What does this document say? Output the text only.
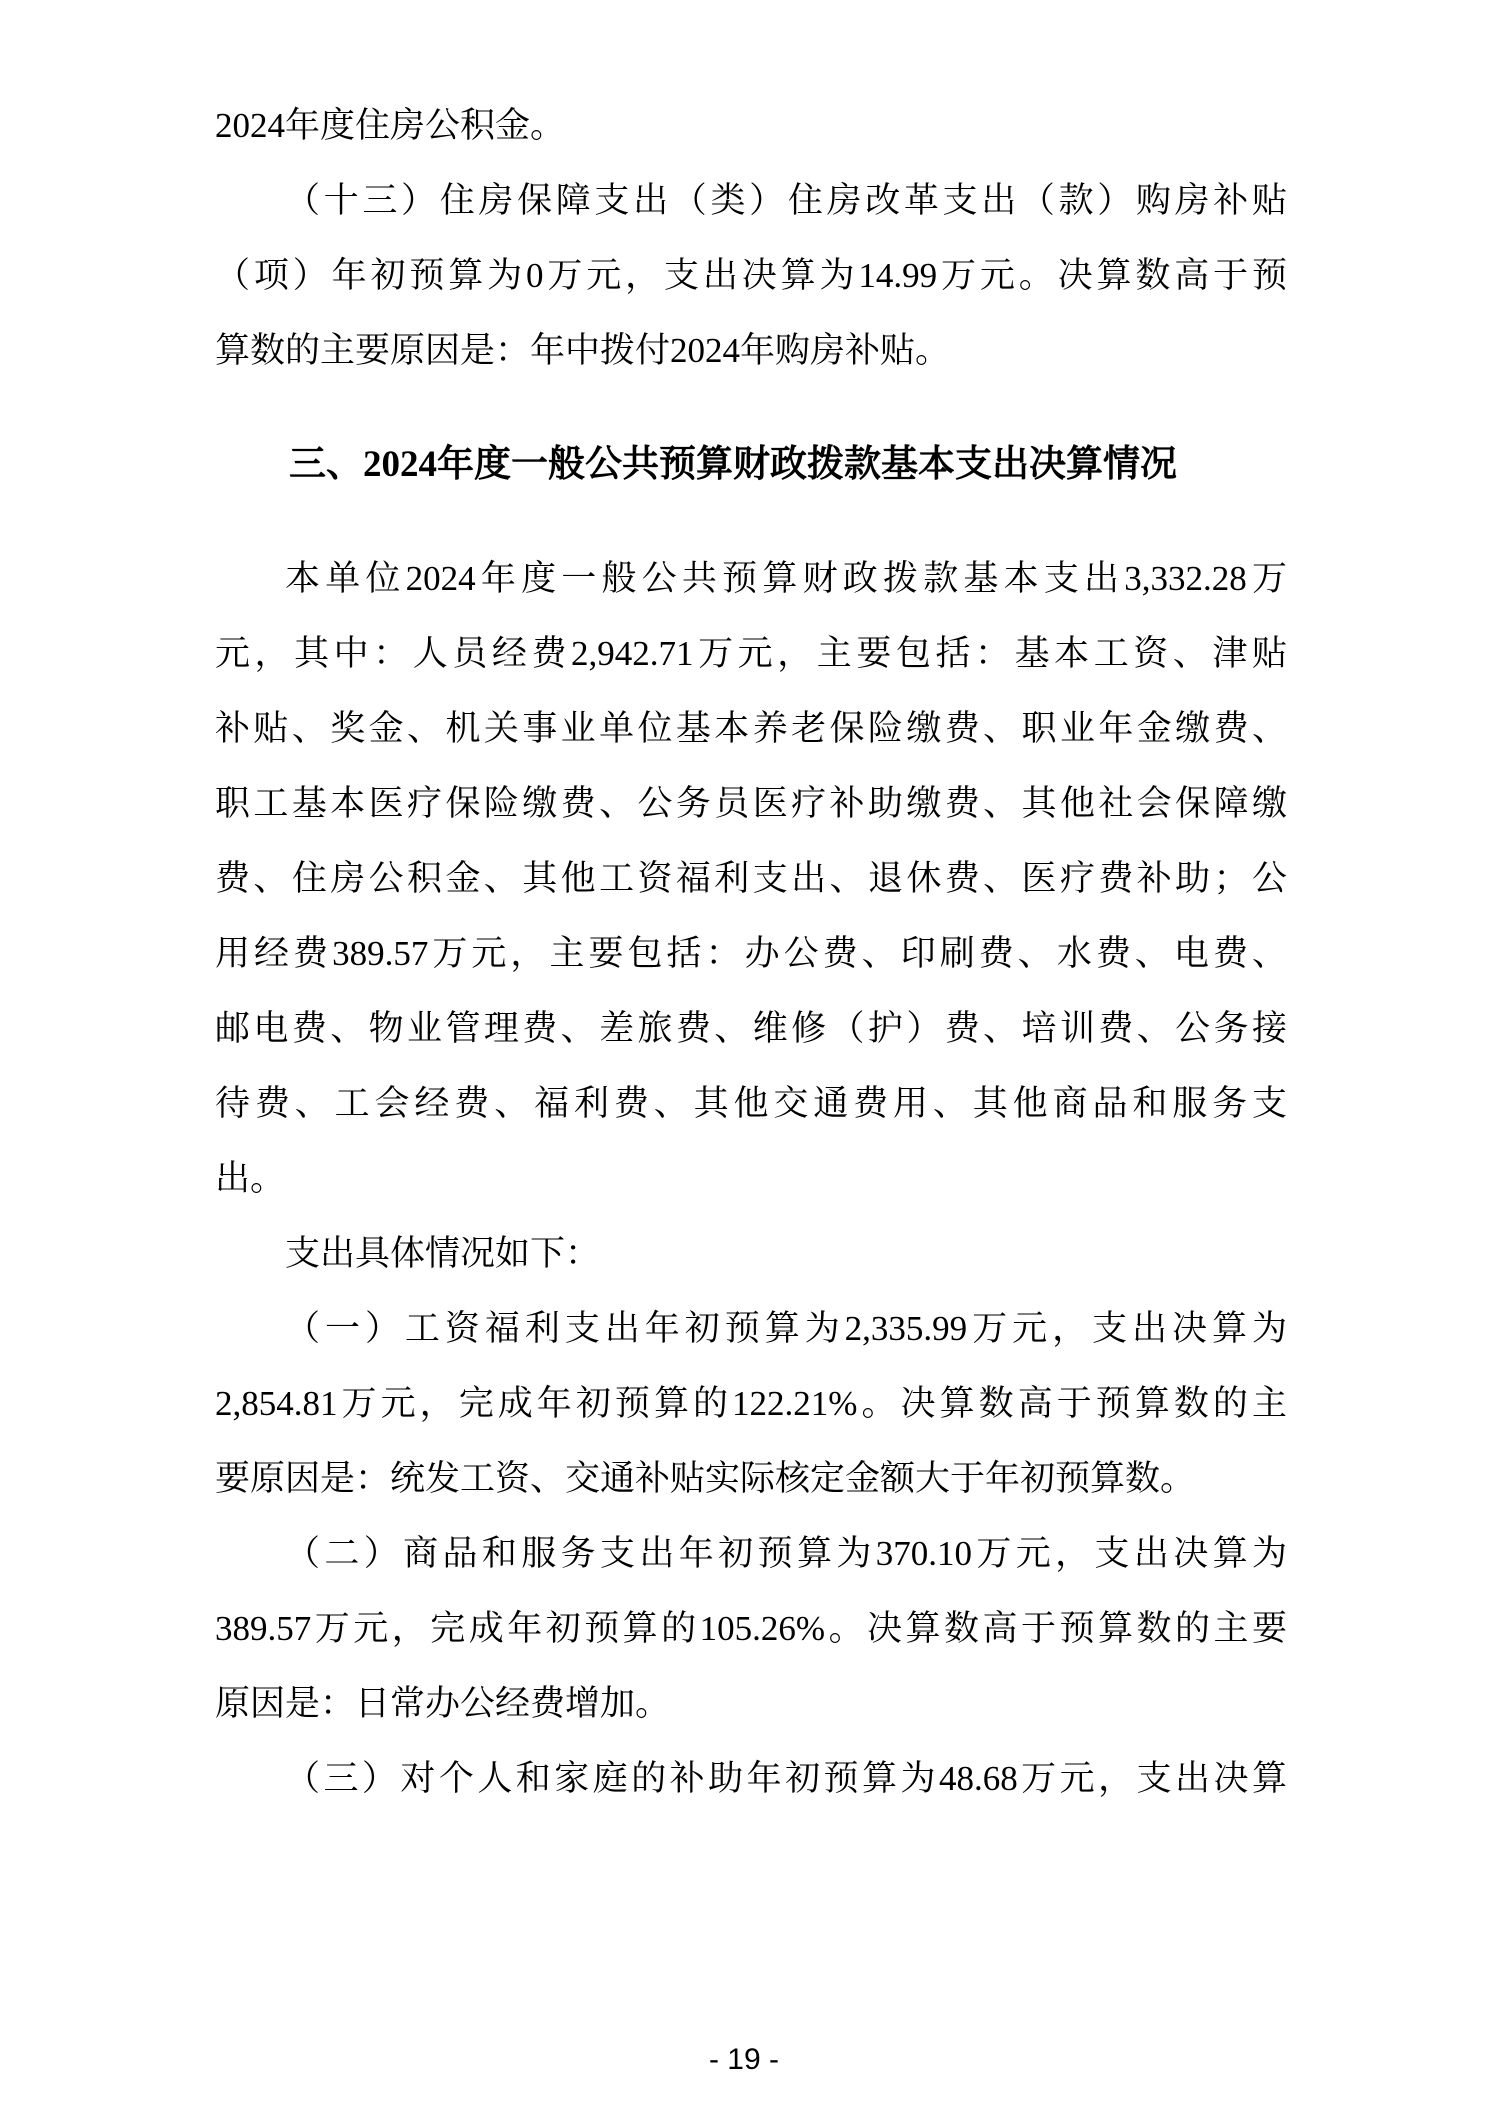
2024年度住房公积金。
（十三）住房保障支出（类）住房改革支出（款）购房补贴
（项）年初预算为0万元，支出决算为14.99万元。决算数高于预
算数的主要原因是：年中拨付2024年购房补贴。
三、2024年度一般公共预算财政拨款基本支出决算情况
本单位2024年度一般公共预算财政拨款基本支出3,332.28万
元，其中：人员经费2,942.71万元，主要包括：基本工资、津贴
补贴、奖金、机关事业单位基本养老保险缴费、职业年金缴费、
职工基本医疗保险缴费、公务员医疗补助缴费、其他社会保障缴
费、住房公积金、其他工资福利支出、退休费、医疗费补助；公
用经费389.57万元，主要包括：办公费、印刷费、水费、电费、
邮电费、物业管理费、差旅费、维修（护）费、培训费、公务接
待费、工会经费、福利费、其他交通费用、其他商品和服务支
出。
支出具体情况如下：
（一）工资福利支出年初预算为2,335.99万元，支出决算为
2,854.81万元，完成年初预算的122.21%。决算数高于预算数的主
要原因是：统发工资、交通补贴实际核定金额大于年初预算数。
（二）商品和服务支出年初预算为370.10万元，支出决算为
389.57万元，完成年初预算的105.26%。决算数高于预算数的主要
原因是：日常办公经费增加。
（三）对个人和家庭的补助年初预算为48.68万元，支出决算
- 19 -
